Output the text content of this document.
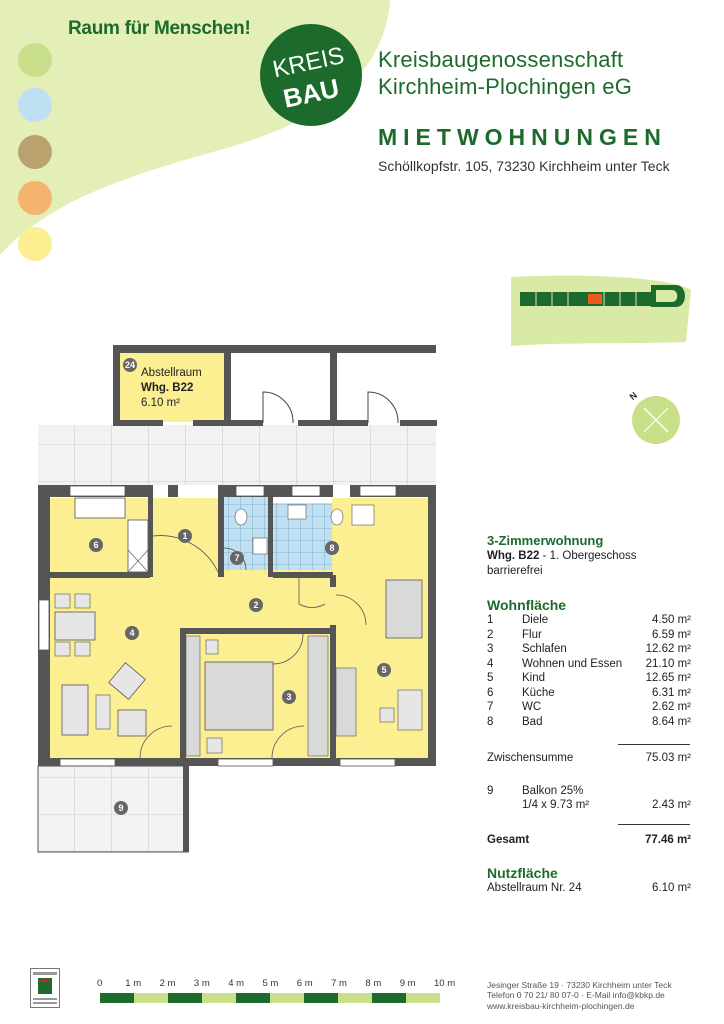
Raum für Menschen!
KREIS
BAU
Kreisbaugenossenschaft
Kirchheim-Plochingen eG
MIETWOHNUNGEN
Schöllkopfstr. 105, 73230 Kirchheim unter Teck
N
24
Abstellraum
Whg. B22
6.10 m²
1
2
3
4
5
6
7
8
9
3-Zimmerwohnung
Whg. B22 - 1. Obergeschoss
barrierefrei
Wohnfläche
1 Diele	4.50 m²
2 Flur	6.59 m²
3 Schlafen	12.62 m²
4 Wohnen und Essen 21.10 m²
5 Kind	12.65 m²
6 Küche	6.31 m²
7 WC	2.62 m²
8 Bad	8.64 m²
Zwischensumme	75.03 m²
9 Balkon 25%
1/4 x 9.73 m²	2.43 m²
Gesamt	77.46 m²
Nutzfläche
Abstellraum Nr. 24	6.10 m²
0 1 m 2 m 3 m 4 m 5 m 6 m 7 m 8 m 9 m 10 m	Jesinger Straße 19 · 73230 Kirchheim unter Teck
Telefon 0 70 21/ 80 07-0 · E-Mail info@kbkp.de
www.kreisbau-kirchheim-plochingen.de
